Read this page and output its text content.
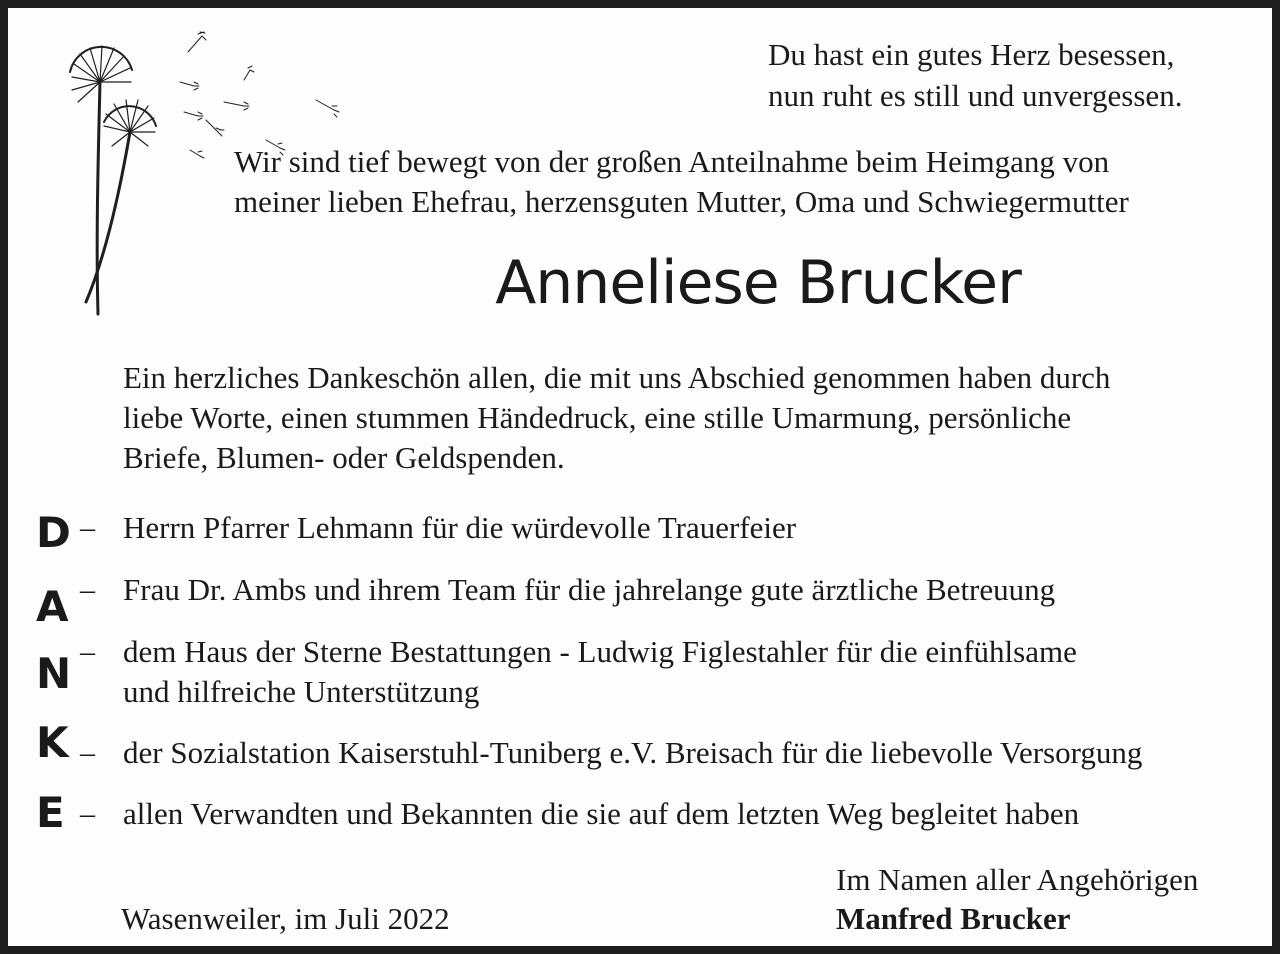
Du hast ein gutes Herz besessen,
nun ruht es still und unvergessen.
Wir sind tief bewegt von der großen Anteilnahme beim Heimgang von
meiner lieben Ehefrau, herzensguten Mutter, Oma und Schwiegermutter
Anneliese Brucker
Ein herzliches Dankeschön allen, die mit uns Abschied genommen haben durch
liebe Worte, einen stummen Händedruck, eine stille Umarmung, persönliche
Briefe, Blumen- oder Geldspenden.
D – Herrn Pfarrer Lehmann für die würdevolle Trauerfeier
A – Frau Dr. Ambs und ihrem Team für die jahrelange gute ärztliche Betreuung
N – dem Haus der Sterne Bestattungen - Ludwig Figlestahler für die einfühlsame
und hilfreiche Unterstützung
K – der Sozialstation Kaiserstuhl-Tuniberg e.V. Breisach für die liebevolle Versorgung
E – allen Verwandten und Bekannten die sie auf dem letzten Weg begleitet haben
Wasenweiler, im Juli 2022
Im Namen aller Angehörigen
Manfred Brucker
